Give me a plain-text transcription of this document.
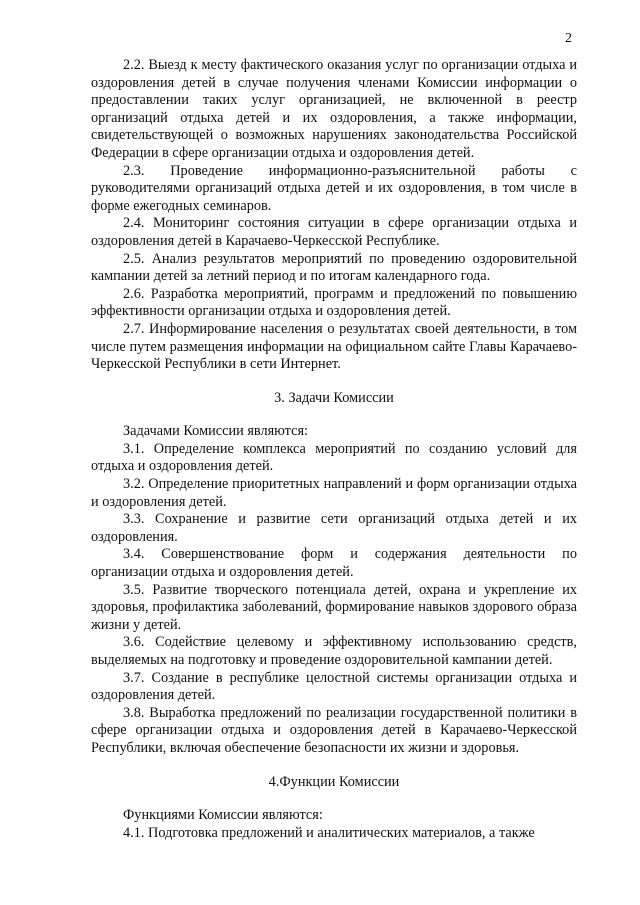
2

2.2. Выезд к месту фактического оказания услуг по организации отдыха и оздоровления детей в случае получения членами Комиссии информации о предоставлении таких услуг организацией, не включенной в реестр организаций отдыха детей и их оздоровления, а также информации, свидетельствующей о возможных нарушениях законодательства Российской Федерации в сфере организации отдыха и оздоровления детей.

2.3. Проведение информационно-разъяснительной работы с руководителями организаций отдыха детей и их оздоровления, в том числе в форме ежегодных семинаров.

2.4. Мониторинг состояния ситуации в сфере организации отдыха и оздоровления детей в Карачаево-Черкесской Республике.

2.5. Анализ результатов мероприятий по проведению оздоровительной кампании детей за летний период и по итогам календарного года.

2.6. Разработка мероприятий, программ и предложений по повышению эффективности организации отдыха и оздоровления детей.

2.7. Информирование населения о результатах своей деятельности, в том числе путем размещения информации на официальном сайте Главы Карачаево-Черкесской Республики в сети Интернет.

3. Задачи Комиссии

Задачами Комиссии являются:

3.1. Определение комплекса мероприятий по созданию условий для отдыха и оздоровления детей.

3.2. Определение приоритетных направлений и форм организации отдыха и оздоровления детей.

3.3. Сохранение и развитие сети организаций отдыха детей и их оздоровления.

3.4. Совершенствование форм и содержания деятельности по организации отдыха и оздоровления детей.

3.5. Развитие творческого потенциала детей, охрана и укрепление их здоровья, профилактика заболеваний, формирование навыков здорового образа жизни у детей.

3.6. Содействие целевому и эффективному использованию средств, выделяемых на подготовку и проведение оздоровительной кампании детей.

3.7. Создание в республике целостной системы организации отдыха и оздоровления детей.

3.8. Выработка предложений по реализации государственной политики в сфере организации отдыха и оздоровления детей в Карачаево-Черкесской Республики, включая обеспечение безопасности их жизни и здоровья.

4.Функции Комиссии

Функциями Комиссии являются:

4.1. Подготовка предложений и аналитических материалов, а также
